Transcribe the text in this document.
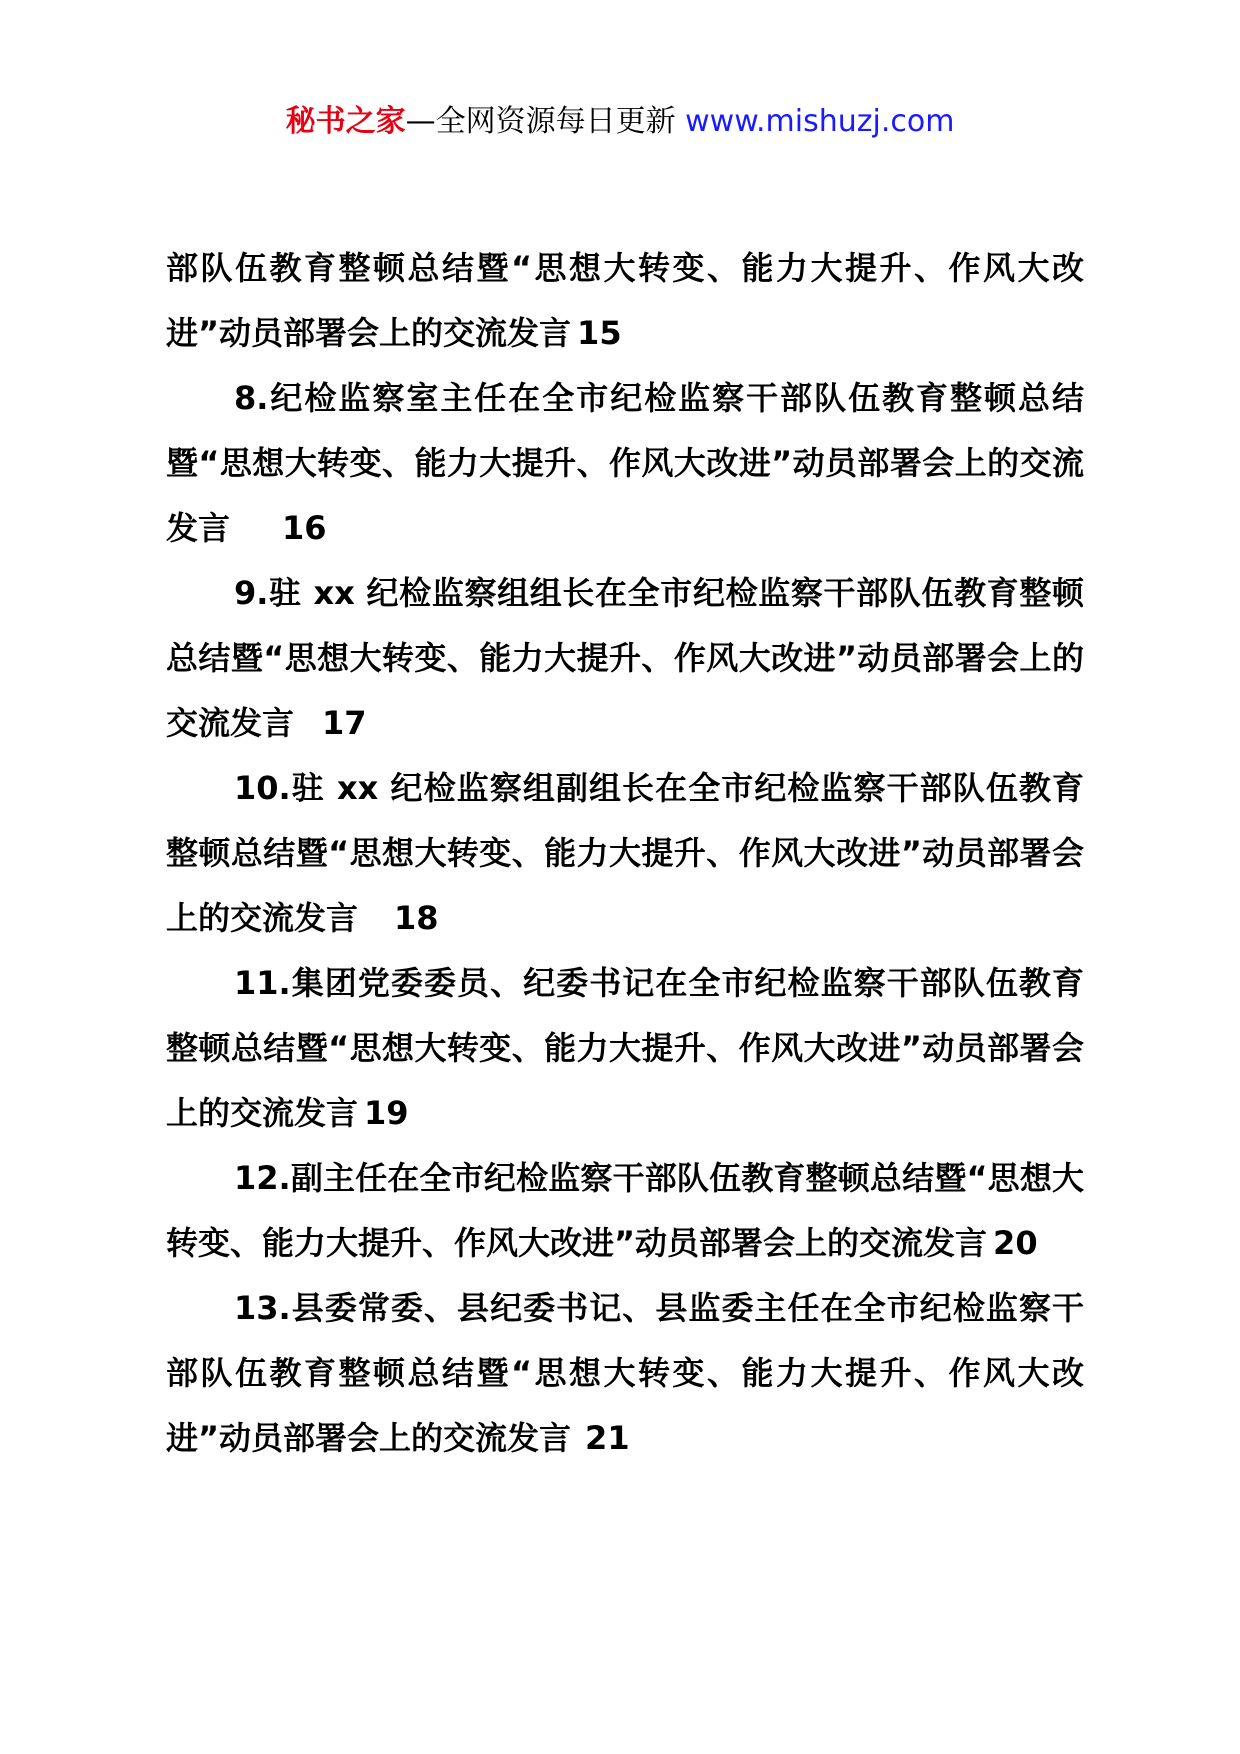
秘书之家—全网资源每日更新 www.mishuzj.com

部队伍教育整顿总结暨“思想大转变、能力大提升、作风大改进”动员部署会上的交流发言 15

8.纪检监察室主任在全市纪检监察干部队伍教育整顿总结暨“思想大转变、能力大提升、作风大改进”动员部署会上的交流发言 16

9.驻 xx 纪检监察组组长在全市纪检监察干部队伍教育整顿总结暨“思想大转变、能力大提升、作风大改进”动员部署会上的交流发言 17

10.驻 xx 纪检监察组副组长在全市纪检监察干部队伍教育整顿总结暨“思想大转变、能力大提升、作风大改进”动员部署会上的交流发言 18

11.集团党委委员、纪委书记在全市纪检监察干部队伍教育整顿总结暨“思想大转变、能力大提升、作风大改进”动员部署会上的交流发言 19

12.副主任在全市纪检监察干部队伍教育整顿总结暨“思想大转变、能力大提升、作风大改进”动员部署会上的交流发言 20

13.县委常委、县纪委书记、县监委主任在全市纪检监察干部队伍教育整顿总结暨“思想大转变、能力大提升、作风大改进”动员部署会上的交流发言 21
